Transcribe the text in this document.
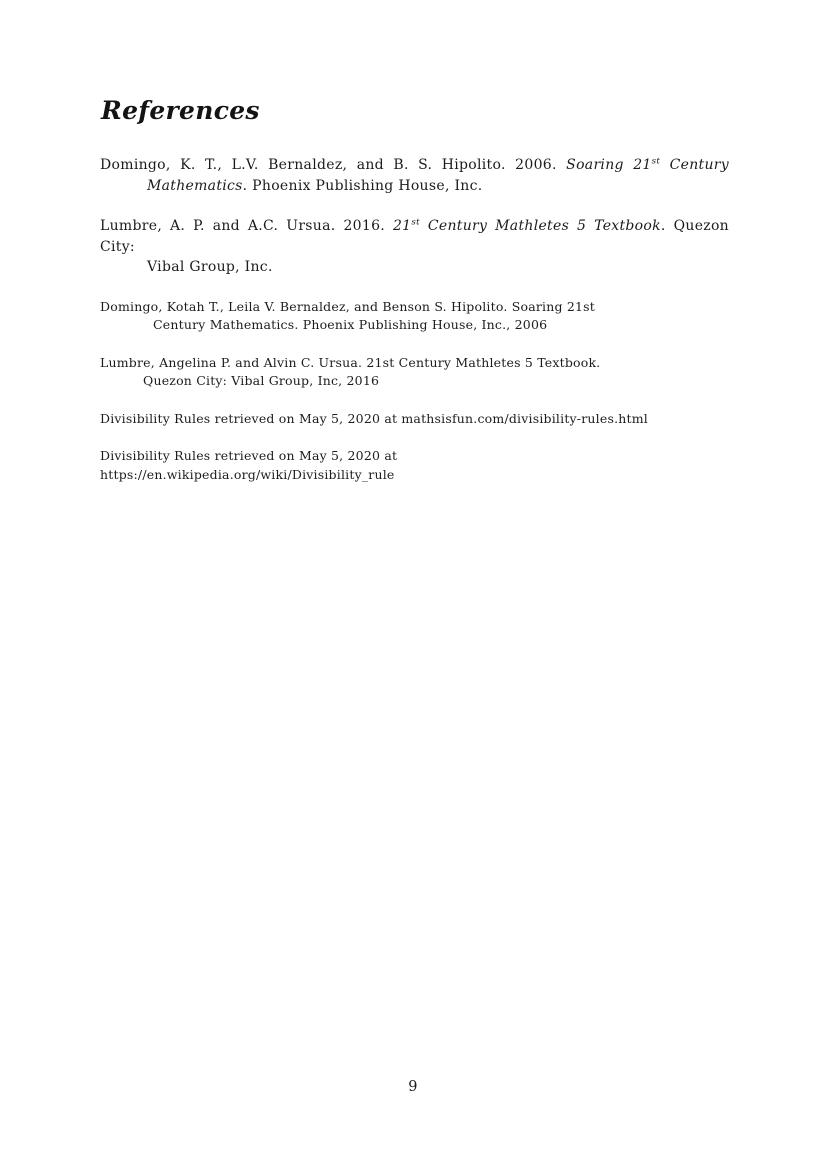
References
Domingo, K. T., L.V. Bernaldez, and B. S. Hipolito. 2006. Soaring 21st Century
Mathematics. Phoenix Publishing House, Inc.
Lumbre, A. P. and A.C. Ursua. 2016. 21st Century Mathletes 5 Textbook. Quezon City:
Vibal Group, Inc.
Domingo, Kotah T., Leila V. Bernaldez, and Benson S. Hipolito. Soaring 21st
Century Mathematics. Phoenix Publishing House, Inc., 2006
Lumbre, Angelina P. and Alvin C. Ursua. 21st Century Mathletes 5 Textbook.
Quezon City: Vibal Group, Inc, 2016
Divisibility Rules retrieved on May 5, 2020 at mathsisfun.com/divisibility-rules.html
Divisibility Rules retrieved on May 5, 2020 at
https://en.wikipedia.org/wiki/Divisibility_rule
9
